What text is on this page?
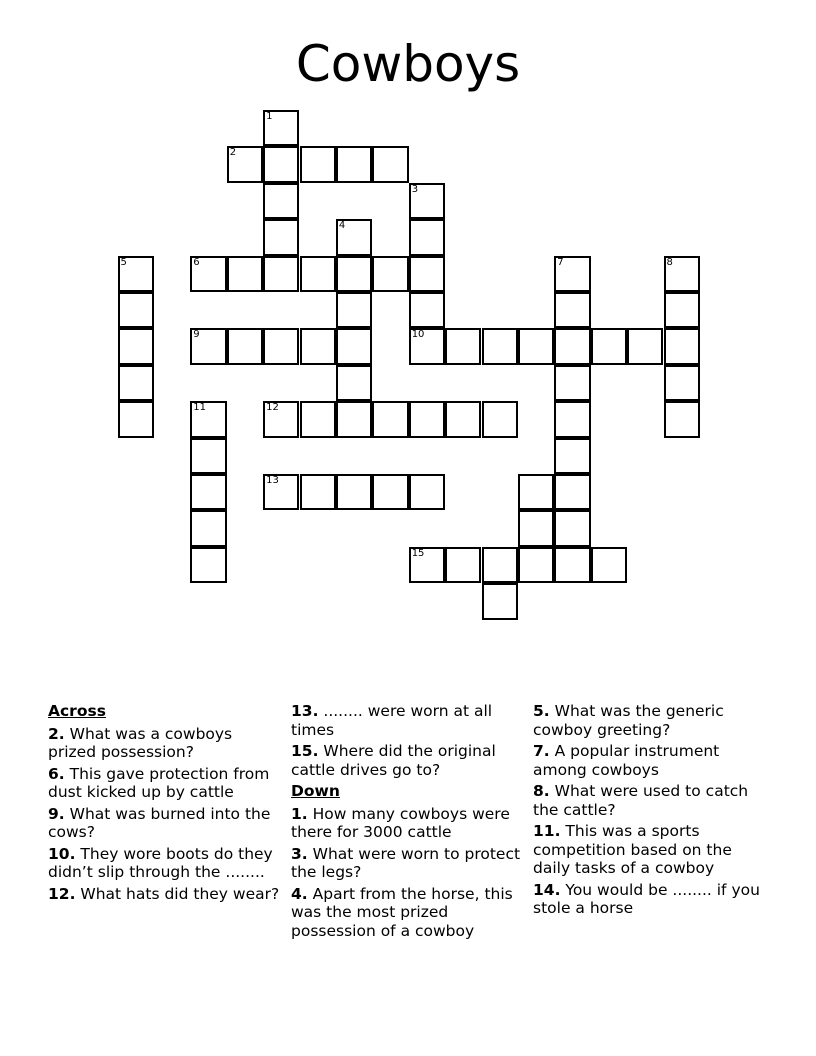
Cowboys
1
2
3
4
5	6	7	8
9	10
11	12
13
15
Across
2. What was a cowboys prized possession?
6. This gave protection from dust kicked up by cattle
9. What was burned into the cows?
10. They wore boots do they didn’t slip through the ........
12. What hats did they wear?
13. ........ were worn at all times
15. Where did the original cattle drives go to?
Down
1. How many cowboys were there for 3000 cattle
3. What were worn to protect the legs?
4. Apart from the horse, this was the most prized possession of a cowboy
5. What was the generic cowboy greeting?
7. A popular instrument among cowboys
8. What were used to catch the cattle?
11. This was a sports competition based on the daily tasks of a cowboy
14. You would be ........ if you stole a horse
